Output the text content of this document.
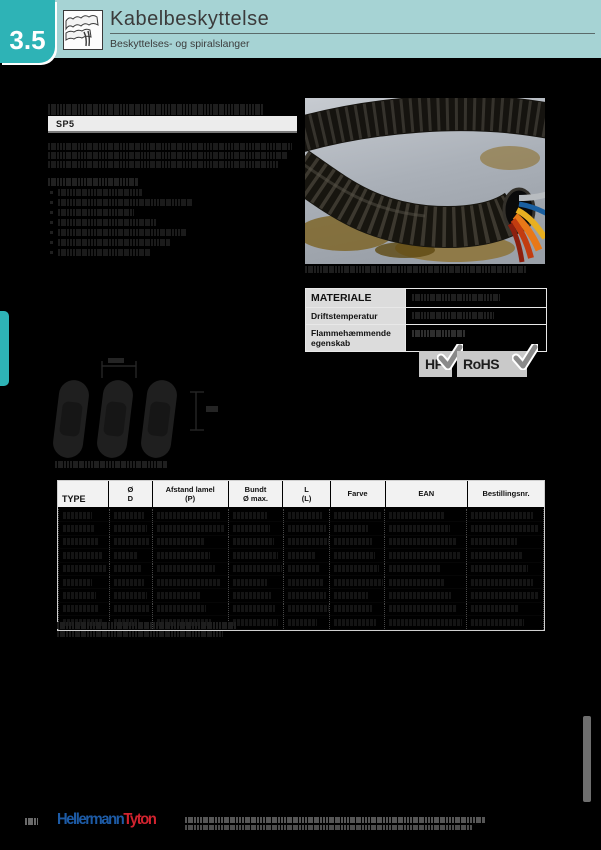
Kabelbeskyttelse
Beskyttelses- og spiralslanger
3.5
SP5
MATERIALE
Driftstemperatur
Flammehæmmende egenskab
HF RoHS
TYPE
Ø
D
Afstand lamel
(P)
Bundt
Ø max.
L
(L)
Farve	EAN	Bestillingsnr.
HellermannTyton
